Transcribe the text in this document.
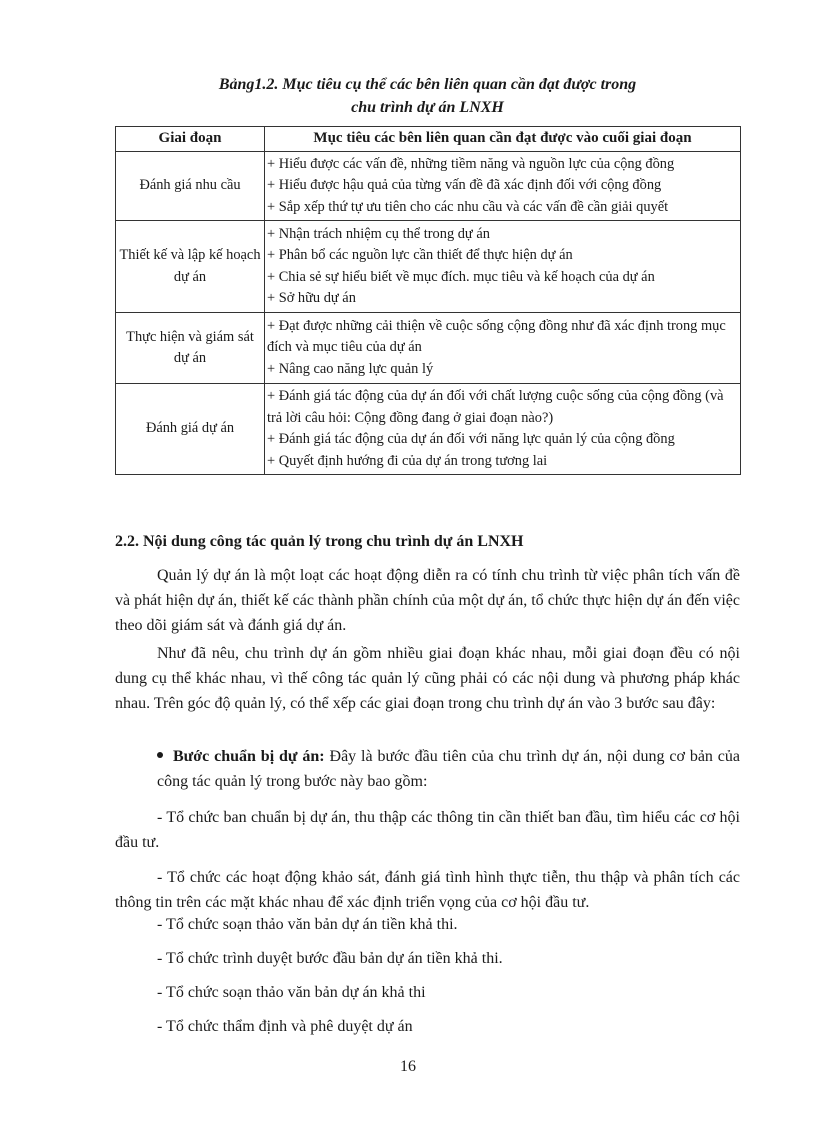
Bảng1.2. Mục tiêu cụ thể các bên liên quan cần đạt được trong
chu trình dự án LNXH
Giai đoạn	Mục tiêu các bên liên quan cần đạt được vào cuối giai đoạn
Đánh giá nhu cầu	+ Hiểu được các vấn đề, những tiềm năng và nguồn lực của cộng đồng
+ Hiểu được hậu quả của từng vấn đề đã xác định đối với cộng đồng
+ Sắp xếp thứ tự ưu tiên cho các nhu cầu và các vấn đề cần giải quyết

Thiết kế và lập kế hoạch dự án	+ Nhận trách nhiệm cụ thể trong dự án
+ Phân bổ các nguồn lực cần thiết để thực hiện dự án
+ Chia sẻ sự hiểu biết về mục đích. mục tiêu và kế hoạch của dự án
+ Sở hữu dự án

Thực hiện và giám sát dự án	+ Đạt được những cải thiện về cuộc sống cộng đồng như đã xác định trong mục đích và mục tiêu của dự án
+ Nâng cao năng lực quản lý

Đánh giá dự án	+ Đánh giá tác động của dự án đối với chất lượng cuộc sống của cộng đồng (và trả lời câu hỏi: Cộng đồng đang ở giai đoạn nào?)
+ Đánh giá tác động của dự án đối với năng lực quản lý của cộng đồng
+ Quyết định hướng đi của dự án trong tương lai
2.2. Nội dung công tác quản lý trong chu trình dự án LNXH
Quản lý dự án là một loạt các hoạt động diễn ra có tính chu trình từ việc phân tích vấn đề và phát hiện dự án, thiết kế các thành phần chính của một dự án, tổ chức thực hiện dự án đến việc theo dõi giám sát và đánh giá dự án.
Như đã nêu, chu trình dự án gồm nhiều giai đoạn khác nhau, mỗi giai đoạn đều có nội dung cụ thể khác nhau, vì thế công tác quản lý cũng phải có các nội dung và phương pháp khác nhau. Trên góc độ quản lý, có thể xếp các giai đoạn trong chu trình dự án vào 3 bước sau đây:
Bước chuẩn bị dự án: Đây là bước đầu tiên của chu trình dự án, nội dung cơ bản của công tác quản lý trong bước này bao gồm:
- Tổ chức ban chuẩn bị dự án, thu thập các thông tin cần thiết ban đầu, tìm hiểu các cơ hội đầu tư.
- Tổ chức các hoạt động khảo sát, đánh giá tình hình thực tiễn, thu thập và phân tích các thông tin trên các mặt khác nhau để xác định triển vọng của cơ hội đầu tư.
- Tổ chức soạn thảo văn bản dự án tiền khả thi.
- Tổ chức trình duyệt bước đầu bản dự án tiền khả thi.
- Tổ chức soạn thảo văn bản dự án khả thi
- Tổ chức thẩm định và phê duyệt dự án
16
